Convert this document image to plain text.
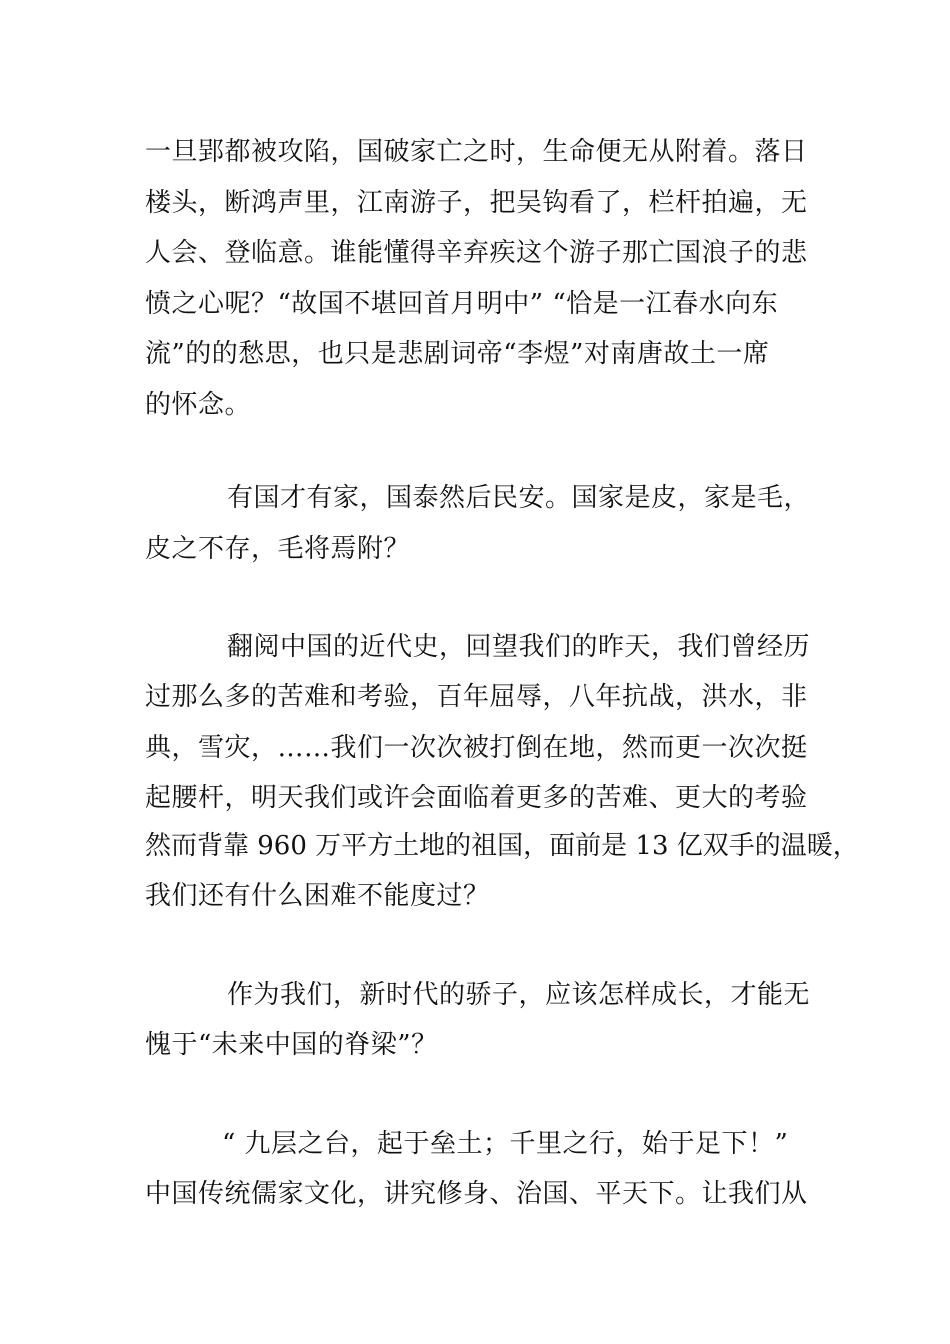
一旦郢都被攻陷，国破家亡之时，生命便无从附着。落日
楼头，断鸿声里，江南游子，把吴钩看了，栏杆拍遍，无
人会、登临意。谁能懂得辛弃疾这个游子那亡国浪子的悲
愤之心呢？“故国不堪回首月明中” “恰是一江春水向东
流”的的愁思，也只是悲剧词帝“李煜”对南唐故土一席
的怀念。
有国才有家，国泰然后民安。国家是皮，家是毛，
皮之不存，毛将焉附？
翻阅中国的近代史，回望我们的昨天，我们曾经历
过那么多的苦难和考验，百年屈辱，八年抗战，洪水，非
典，雪灾，……我们一次次被打倒在地，然而更一次次挺
起腰杆，明天我们或许会面临着更多的苦难、更大的考验
然而背靠 960 万平方土地的祖国，面前是 13 亿双手的温暖，
我们还有什么困难不能度过？
作为我们，新时代的骄子，应该怎样成长，才能无
愧于“未来中国的脊梁”？
“ 九层之台，起于垒土；千里之行，始于足下！”
中国传统儒家文化，讲究修身、治国、平天下。让我们从
